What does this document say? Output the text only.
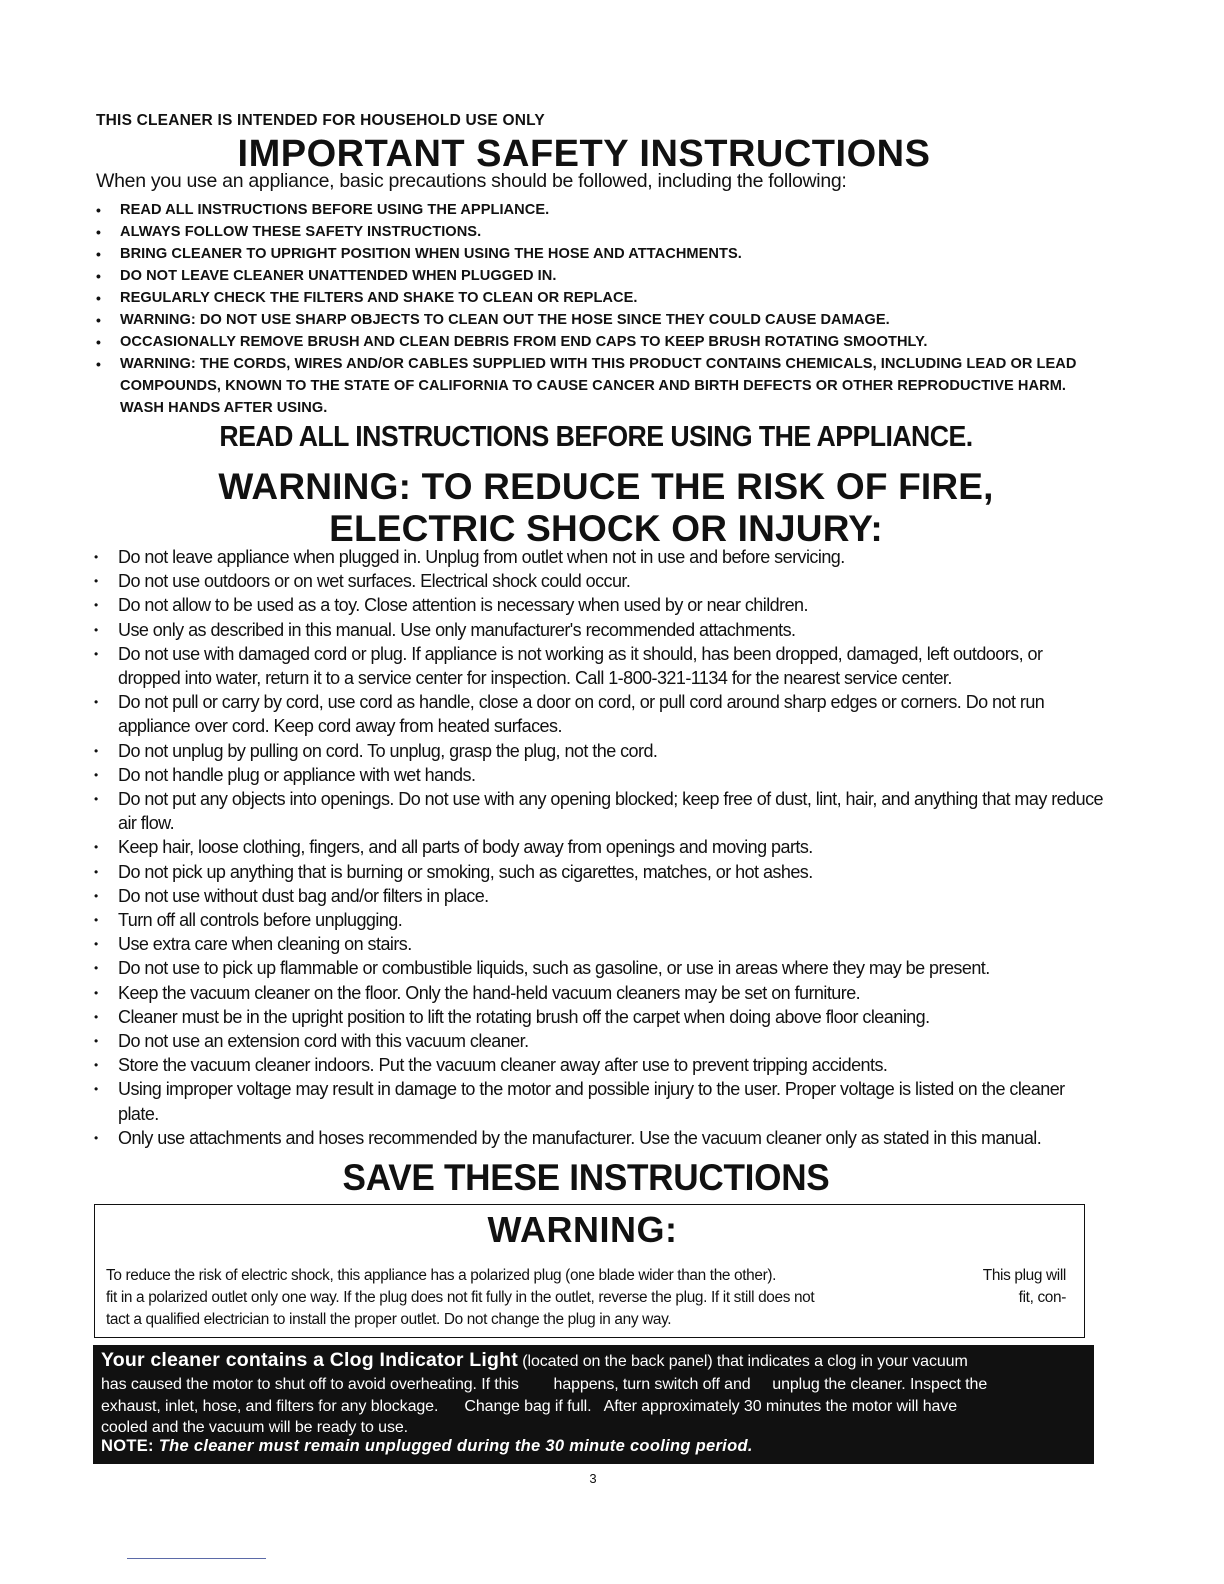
THIS CLEANER IS INTENDED FOR HOUSEHOLD USE ONLY
IMPORTANT SAFETY INSTRUCTIONS
When you use an appliance, basic precautions should be followed, including the following:
• READ ALL INSTRUCTIONS BEFORE USING THE APPLIANCE.
• ALWAYS FOLLOW THESE SAFETY INSTRUCTIONS.
• BRING CLEANER TO UPRIGHT POSITION WHEN USING THE HOSE AND ATTACHMENTS.
• DO NOT LEAVE CLEANER UNATTENDED WHEN PLUGGED IN.
• REGULARLY CHECK THE FILTERS AND SHAKE TO CLEAN OR REPLACE.
• WARNING: DO NOT USE SHARP OBJECTS TO CLEAN OUT THE HOSE SINCE THEY COULD CAUSE DAMAGE.
• OCCASIONALLY REMOVE BRUSH AND CLEAN DEBRIS FROM END CAPS TO KEEP BRUSH ROTATING SMOOTHLY.
• WARNING: THE CORDS, WIRES AND/OR CABLES SUPPLIED WITH THIS PRODUCT CONTAINS CHEMICALS, INCLUDING LEAD OR LEAD COMPOUNDS, KNOWN TO THE STATE OF CALIFORNIA TO CAUSE CANCER AND BIRTH DEFECTS OR OTHER REPRODUCTIVE HARM. WASH HANDS AFTER USING.
READ ALL INSTRUCTIONS BEFORE USING THE APPLIANCE.
WARNING: TO REDUCE THE RISK OF FIRE,
ELECTRIC SHOCK OR INJURY:
• Do not leave appliance when plugged in. Unplug from outlet when not in use and before servicing.
• Do not use outdoors or on wet surfaces. Electrical shock could occur.
• Do not allow to be used as a toy. Close attention is necessary when used by or near children.
• Use only as described in this manual. Use only manufacturer's recommended attachments.
• Do not use with damaged cord or plug. If appliance is not working as it should, has been dropped, damaged, left outdoors, or dropped into water, return it to a service center for inspection. Call 1-800-321-1134 for the nearest service center.
• Do not pull or carry by cord, use cord as handle, close a door on cord, or pull cord around sharp edges or corners. Do not run appliance over cord. Keep cord away from heated surfaces.
• Do not unplug by pulling on cord. To unplug, grasp the plug, not the cord.
• Do not handle plug or appliance with wet hands.
• Do not put any objects into openings. Do not use with any opening blocked; keep free of dust, lint, hair, and anything that may reduce air flow.
• Keep hair, loose clothing, fingers, and all parts of body away from openings and moving parts.
• Do not pick up anything that is burning or smoking, such as cigarettes, matches, or hot ashes.
• Do not use without dust bag and/or filters in place.
• Turn off all controls before unplugging.
• Use extra care when cleaning on stairs.
• Do not use to pick up flammable or combustible liquids, such as gasoline, or use in areas where they may be present.
• Keep the vacuum cleaner on the floor. Only the hand-held vacuum cleaners may be set on furniture.
• Cleaner must be in the upright position to lift the rotating brush off the carpet when doing above floor cleaning.
• Do not use an extension cord with this vacuum cleaner.
• Store the vacuum cleaner indoors. Put the vacuum cleaner away after use to prevent tripping accidents.
• Using improper voltage may result in damage to the motor and possible injury to the user. Proper voltage is listed on the cleaner plate.
• Only use attachments and hoses recommended by the manufacturer. Use the vacuum cleaner only as stated in this manual.
SAVE THESE INSTRUCTIONS
WARNING:
To reduce the risk of electric shock, this appliance has a polarized plug (one blade wider than the other).
fit in a polarized outlet only one way. If the plug does not fit fully in the outlet, reverse the plug. If it still does not
tact a qualified electrician to install the proper outlet. Do not change the plug in any way.
This plug will
fit, con-
Your cleaner contains a Clog Indicator Light (located on the back panel) that indicates a clog in your vacuum
has caused the motor to shut off to avoid overheating. If this        happens, turn switch off and     unplug the cleaner. Inspect the
exhaust, inlet, hose, and filters for any blockage.      Change bag if full.   After approximately 30 minutes the motor will have
cooled and the vacuum will be ready to use.
NOTE: The cleaner must remain unplugged during the 30 minute cooling period.
3
